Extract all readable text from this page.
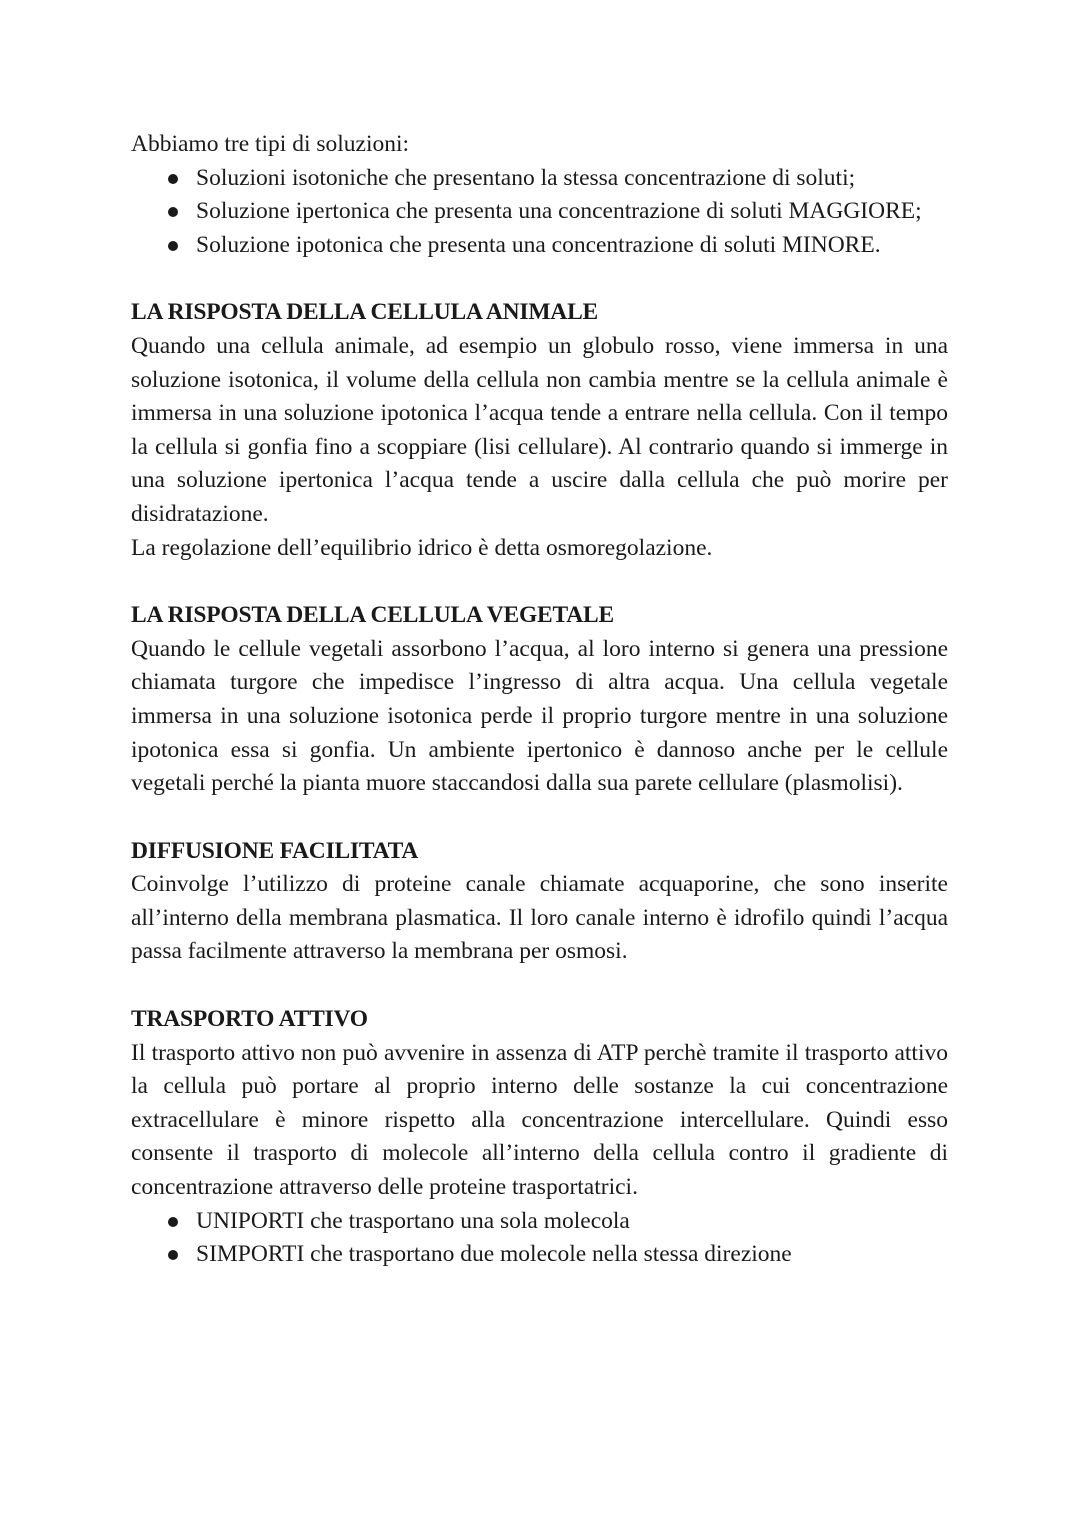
Abbiamo tre tipi di soluzioni:

Soluzioni isotoniche che presentano la stessa concentrazione di soluti;
Soluzione ipertonica che presenta una concentrazione di soluti MAGGIORE;
Soluzione ipotonica che presenta una concentrazione di soluti MINORE.
LA RISPOSTA DELLA CELLULA ANIMALE

Quando una cellula animale, ad esempio un globulo rosso, viene immersa in una soluzione isotonica, il volume della cellula non cambia mentre se la cellula animale è immersa in una soluzione ipotonica l’acqua tende a entrare nella cellula. Con il tempo la cellula si gonfia fino a scoppiare (lisi cellulare). Al contrario quando si immerge in una soluzione ipertonica l’acqua tende a uscire dalla cellula che può morire per disidratazione.

La regolazione dell’equilibrio idrico è detta osmoregolazione.

LA RISPOSTA DELLA CELLULA VEGETALE

Quando le cellule vegetali assorbono l’acqua, al loro interno si genera una pressione chiamata turgore che impedisce l’ingresso di altra acqua. Una cellula vegetale immersa in una soluzione isotonica perde il proprio turgore mentre in una soluzione ipotonica essa si gonfia. Un ambiente ipertonico è dannoso anche per le cellule vegetali perché la pianta muore staccandosi dalla sua parete cellulare (plasmolisi).

DIFFUSIONE FACILITATA

Coinvolge l’utilizzo di proteine canale chiamate acquaporine, che sono inserite all’interno della membrana plasmatica. Il loro canale interno è idrofilo quindi l’acqua passa facilmente attraverso la membrana per osmosi.

TRASPORTO ATTIVO

Il trasporto attivo non può avvenire in assenza di ATP perchè tramite il trasporto attivo la cellula può portare al proprio interno delle sostanze la cui concentrazione extracellulare è minore rispetto alla concentrazione intercellulare. Quindi esso consente il trasporto di molecole all’interno della cellula contro il gradiente di concentrazione attraverso delle proteine trasportatrici.

UNIPORTI che trasportano una sola molecola
SIMPORTI che trasportano due molecole nella stessa direzione
